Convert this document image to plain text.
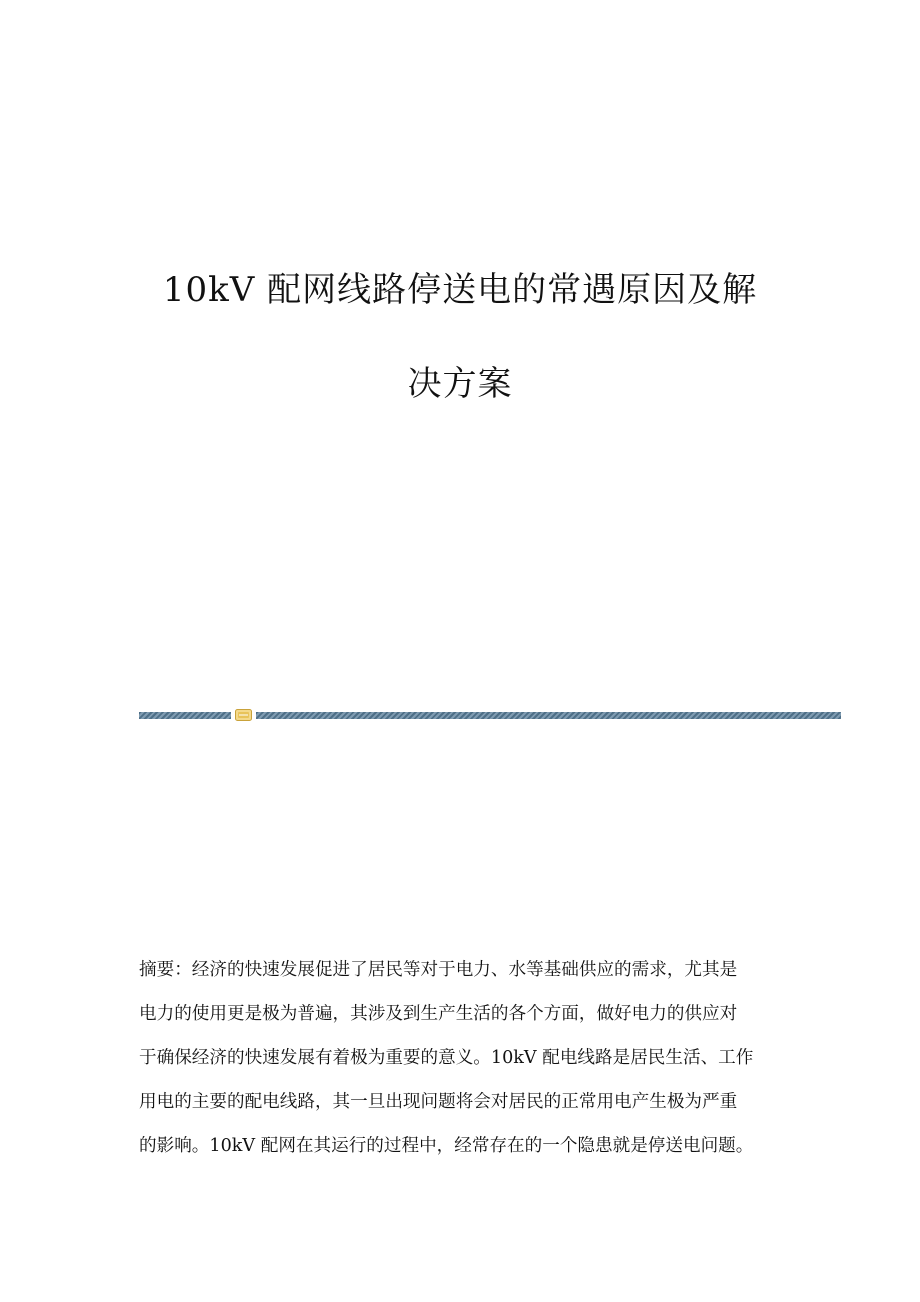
10kV 配网线路停送电的常遇原因及解
决方案
摘要：经济的快速发展促进了居民等对于电力、水等基础供应的需求，尤其是
电力的使用更是极为普遍，其涉及到生产生活的各个方面，做好电力的供应对
于确保经济的快速发展有着极为重要的意义。10kV 配电线路是居民生活、工作
用电的主要的配电线路，其一旦出现问题将会对居民的正常用电产生极为严重
的影响。10kV 配网在其运行的过程中，经常存在的一个隐患就是停送电问题。
